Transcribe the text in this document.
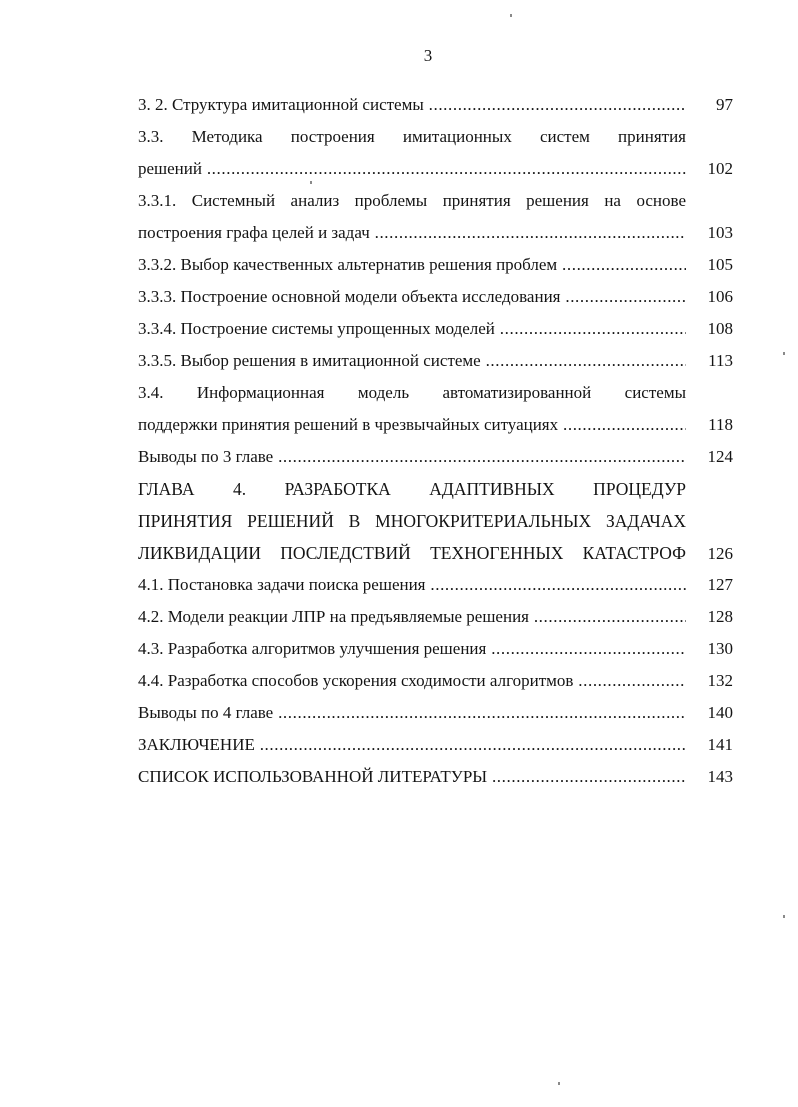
3
3. 2. Структура имитационной системы .....	97
3.3. Методика построения имитационных систем принятия
решений .....	102
3.3.1. Системный анализ проблемы принятия решения на основе
построения графа целей и задач .....	103
3.3.2. Выбор качественных альтернатив решения проблем .....	105
3.3.3. Построение основной модели объекта исследования .....	106
3.3.4. Построение системы упрощенных моделей .....	108
3.3.5. Выбор решения в имитационной системе .....	113
3.4. Информационная модель автоматизированной системы
поддержки принятия решений в чрезвычайных ситуациях .....	118
Выводы по 3 главе .....	124
ГЛАВА 4. РАЗРАБОТКА АДАПТИВНЫХ ПРОЦЕДУР
ПРИНЯТИЯ РЕШЕНИЙ В МНОГОКРИТЕРИАЛЬНЫХ ЗАДАЧАХ
ЛИКВИДАЦИИ ПОСЛЕДСТВИЙ ТЕХНОГЕННЫХ КАТАСТРОФ	126
4.1. Постановка задачи поиска решения .....	127
4.2. Модели реакции ЛПР на предъявляемые решения .....	128
4.3. Разработка алгоритмов улучшения решения .....	130
4.4. Разработка способов ускорения сходимости алгоритмов .....	132
Выводы по 4 главе .....	140
ЗАКЛЮЧЕНИЕ .....	141
СПИСОК ИСПОЛЬЗОВАННОЙ ЛИТЕРАТУРЫ .....	143
